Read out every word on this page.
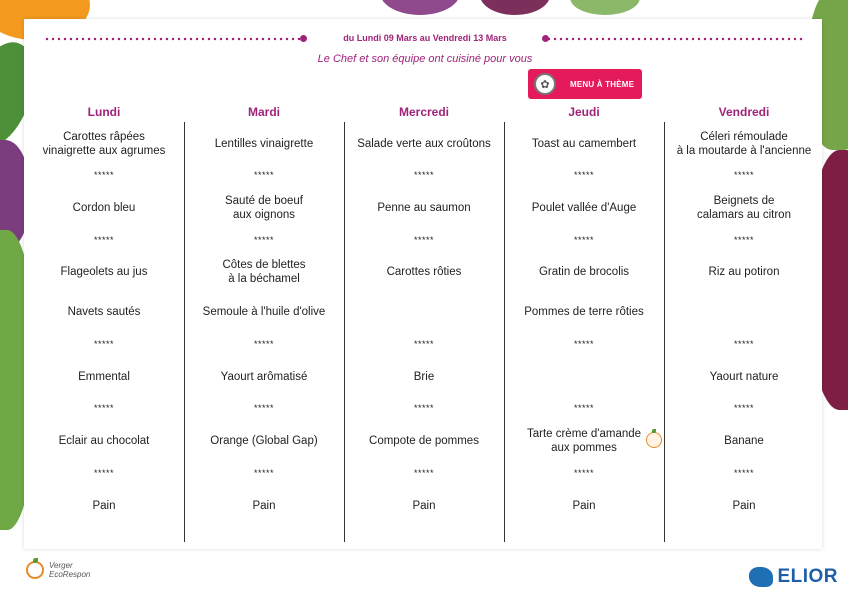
du Lundi 09 Mars au Vendredi 13 Mars
Le Chef et son équipe ont cuisiné pour vous
✿	MENU À THÈME
Lundi
Carottes râpées
vinaigrette aux agrumes
*****
Cordon bleu
*****
Flageolets au jus
Navets sautés
*****
Emmental
*****
Eclair au chocolat
*****
Pain
Mardi
Lentilles vinaigrette
*****
Sauté de boeuf
aux oignons
*****
Côtes de blettes
à la béchamel
Semoule à l'huile d'olive
*****
Yaourt arômatisé
*****
Orange (Global Gap)
*****
Pain
Mercredi
Salade verte aux croûtons
*****
Penne au saumon
*****
Carottes rôties
*****
Brie
*****
Compote de pommes
*****
Pain
Jeudi
Toast au camembert
*****
Poulet vallée d'Auge
*****
Gratin de brocolis
Pommes de terre rôties
*****
*****
Tarte crème d'amande
aux pommes
*****
Pain
Vendredi
Céleri rémoulade
à la moutarde à l'ancienne
*****
Beignets de
calamars au citron
*****
Riz au potiron
*****
Yaourt nature
*****
Banane
*****
Pain
Verger
EcoRespon	ELIOR
